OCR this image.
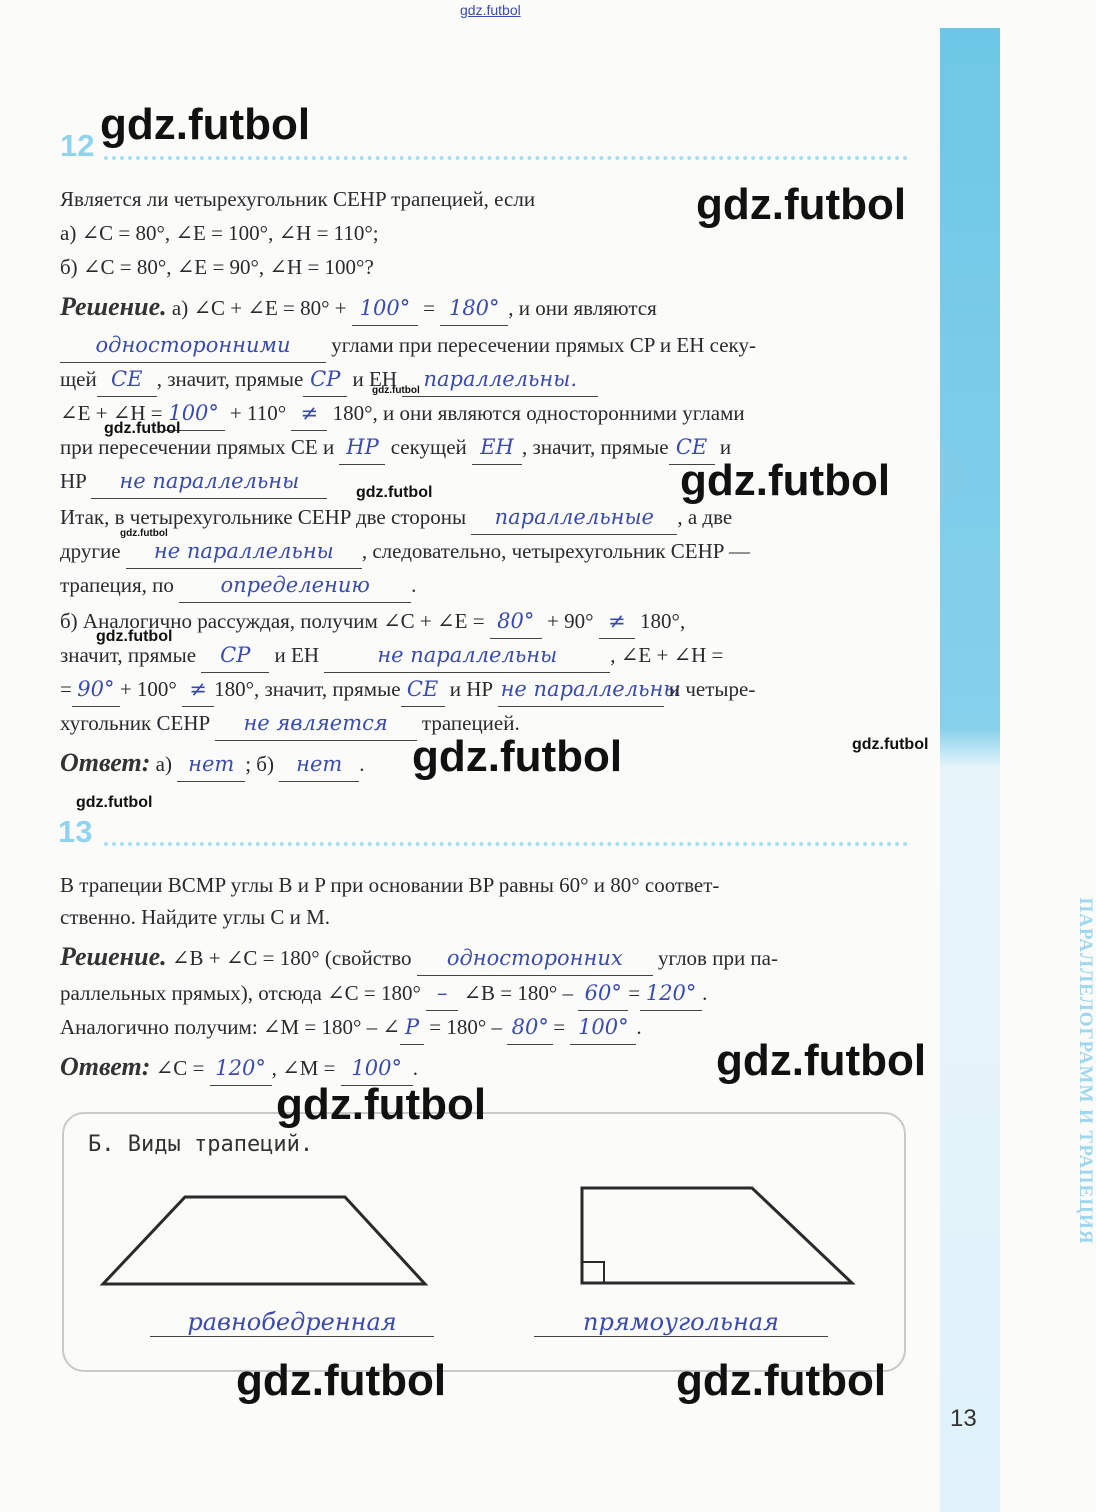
ПАРАЛЛЕЛОГРАММ И ТРАПЕЦИЯ
13
gdz.futbol
12
Является ли четырехугольник CEHP трапецией, если
а) ∠C = 80°, ∠E = 100°, ∠H = 110°;
б) ∠C = 80°, ∠E = 90°, ∠H = 100°?
Решение. а) ∠C + ∠E = 80° + 100° = 180° , и они являются
односторонними углами при пересечении прямых CP и EH секу-
щей CE , значит, прямые CP и EH параллельны.
∠E + ∠H = 100° + 110° ≠ 180°, и они являются односторонними углами
при пересечении прямых CE и HP секущей EH , значит, прямые CE и
HP не параллельны
Итак, в четырехугольнике CEHP две стороны параллельные , а две
другие не параллельны , следовательно, четырехугольник CEHP —
трапеция, по определению .
б) Аналогично рассуждая, получим ∠C + ∠E = 80° + 90° ≠ 180°,
значит, прямые CP и EH	не параллельны	, ∠E + ∠H =
= 90° + 100° ≠ 180°, значит, прямые CE и HP не параллельны и четыре-
хугольник CEHP не является трапецией.
Ответ: а) нет ; б) нет .
13
В трапеции BCMP углы B и P при основании BP равны 60° и 80° соответ-
ственно. Найдите углы C и M.
Решение. ∠B + ∠C = 180° (свойство односторонних углов при па-
раллельных прямых), отсюда ∠C = 180° – ∠B = 180° – 60° = 120° .
Аналогично получим: ∠M = 180° – ∠ P = 180° – 80° = 100° .
Ответ: ∠C = 120° , ∠M = 100° .
Б. Виды трапеций.
равнобедренная	прямоугольная
gdz.futbol
gdz.futbol
gdz.futbol
gdz.futbol
gdz.futbol
gdz.futbol
gdz.futbol
gdz.futbol
gdz.futbol	gdz.futbol
gdz.futbol
gdz.futbol
gdz.futbol
gdz.futbol	gdz.futbol
